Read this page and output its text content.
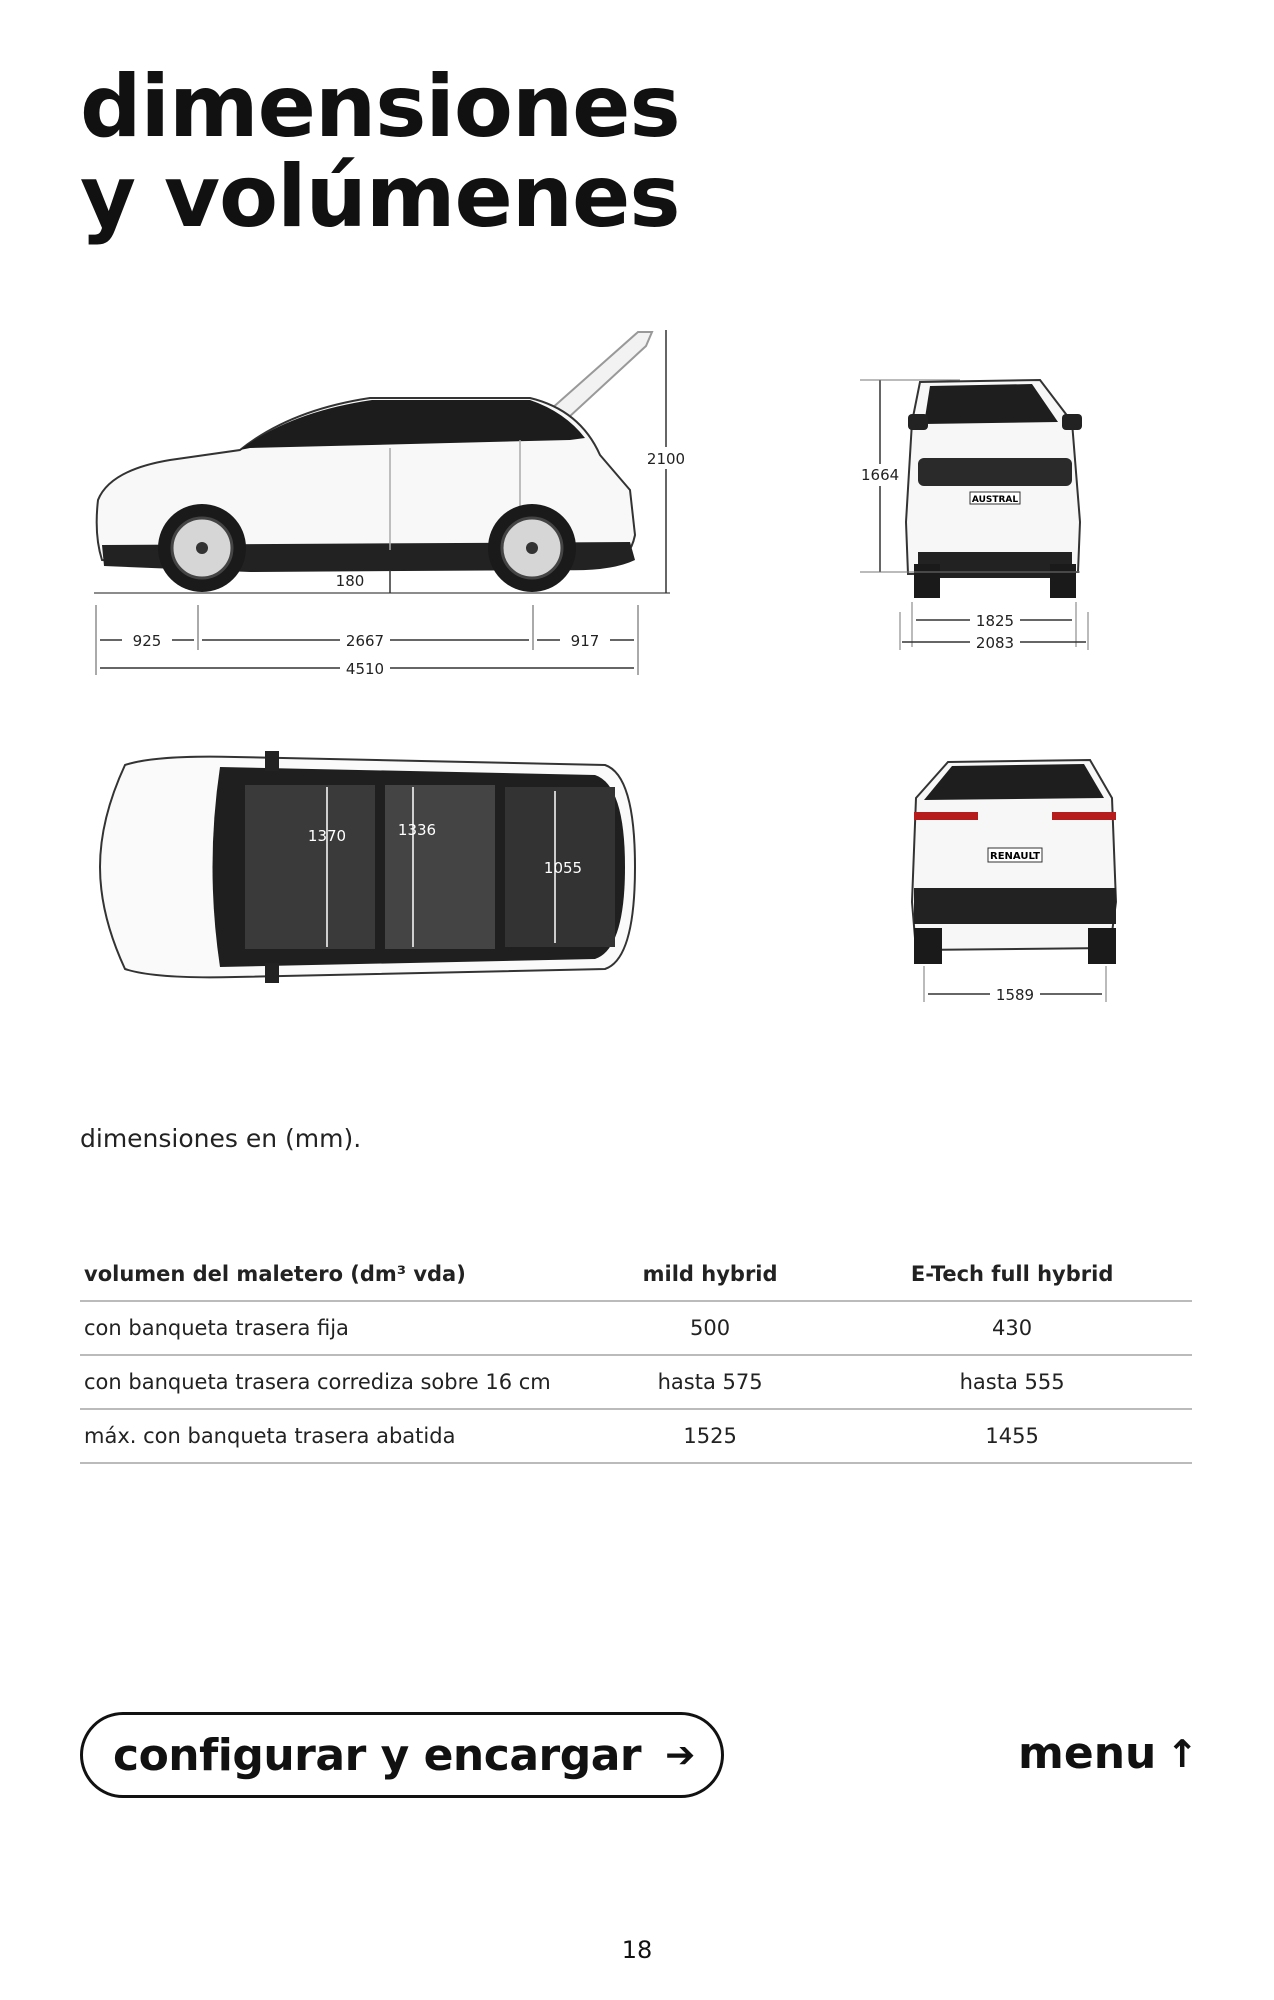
dimensiones
y volúmenes
2100
180
925	2667	917
4510
AUSTRAL
1664
1825
2083
1370	1336
1055
RENAULT
1589
dimensiones en (mm).
volumen del maletero (dm³ vda)	mild hybrid	E-Tech full hybrid
con banqueta trasera fija	500	430
con banqueta trasera corrediza sobre 16 cm	hasta 575	hasta 555
máx. con banqueta trasera abatida	1525	1455
configurar y encargar ➔	menu ↑
18
